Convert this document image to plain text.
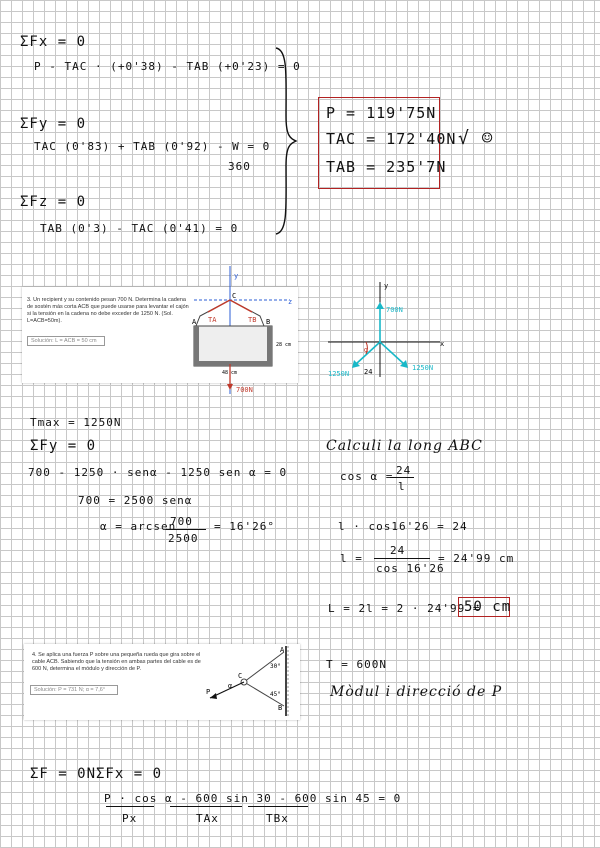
ΣFx = 0
P - TAC · (+0'38) - TAB (+0'23) = 0
ΣFy = 0
TAC (0'83) + TAB (0'92) - W = 0
360
ΣFz = 0
TAB (0'3) - TAC (0'41) = 0
P = 119'75N
TAC = 172'40N
TAB = 235'7N
√ ☺
3. Un recipient y su contenido pesan 700 N. Determina la cadena de sostén más corta ACB que puede usarse para levantar el cajón si la tensión en la cadena no debe exceder de 1250 N. (Sol. L=ACB=50m).
Solución: L = ACB = 50 cm
y
z
A	B
C
TA	TB
28 cm
48 cm
700N
y
x
700N
1250N
1250N
α
24
Tmax = 1250N
ΣFy = 0
700 - 1250 · senα - 1250 sen α = 0
700 = 2500 senα
α = arcsen
700
2500
= 16'26°
Calculi la long ABC
cos α = 24
l
l · cos16'26 = 24
l =
24
cos 16'26
= 24'99 cm
L = 2l = 2 · 24'99 =
50 cm
4. Se aplica una fuerza P sobre una pequeña rueda que gira sobre el cable ACB. Sabiendo que la tensión en ambas partes del cable es de 600 N, determina el módulo y dirección de P.
Solución: P = 731 N; α = 7,6°
A
B
C
P
α
30°
45°
T = 600N
Mòdul i direcció de P
ΣF = 0N ΣFx = 0
P · cos α - 600 sin 30 - 600 sin 45 = 0
Px	TAx	TBx
